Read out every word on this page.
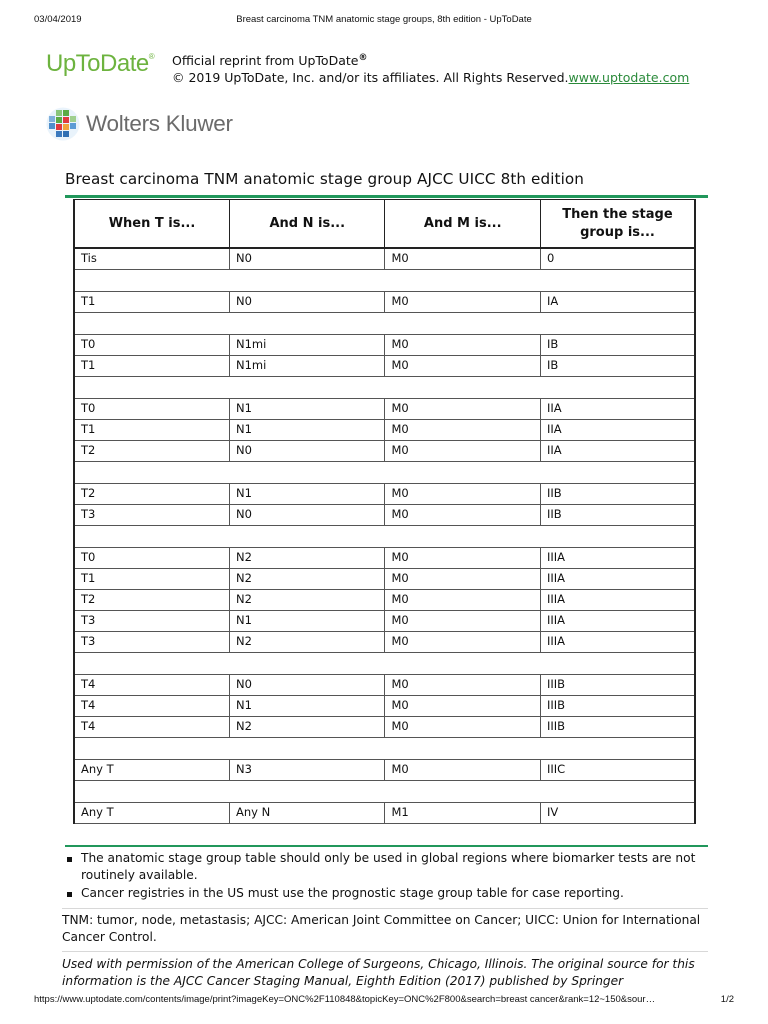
03/04/2019	Breast carcinoma TNM anatomic stage groups, 8th edition - UpToDate
UpToDate® Official reprint from UpToDate®
© 2019 UpToDate, Inc. and/or its affiliates. All Rights Reserved.www.uptodate.com
Wolters Kluwer
Breast carcinoma TNM anatomic stage group AJCC UICC 8th edition
When T is...	And N is...	And M is...	Then the stage group is...
Tis	N0	M0	0

T1	N0	M0	IA

T0	N1mi	M0	IB
T1	N1mi	M0	IB

T0	N1	M0	IIA
T1	N1	M0	IIA
T2	N0	M0	IIA

T2	N1	M0	IIB
T3	N0	M0	IIB

T0	N2	M0	IIIA
T1	N2	M0	IIIA
T2	N2	M0	IIIA
T3	N1	M0	IIIA
T3	N2	M0	IIIA

T4	N0	M0	IIIB
T4	N1	M0	IIIB
T4	N2	M0	IIIB

Any T	N3	M0	IIIC

Any T	Any N	M1	IV
The anatomic stage group table should only be used in global regions where biomarker tests are not routinely available.
Cancer registries in the US must use the prognostic stage group table for case reporting.
TNM: tumor, node, metastasis; AJCC: American Joint Committee on Cancer; UICC: Union for International Cancer Control.
Used with permission of the American College of Surgeons, Chicago, Illinois. The original source for this information is the AJCC Cancer Staging Manual, Eighth Edition (2017) published by Springer
https://www.uptodate.com/contents/image/print?imageKey=ONC%2F110848&topicKey=ONC%2F800&search=breast cancer&rank=12~150&sour…	1/2
